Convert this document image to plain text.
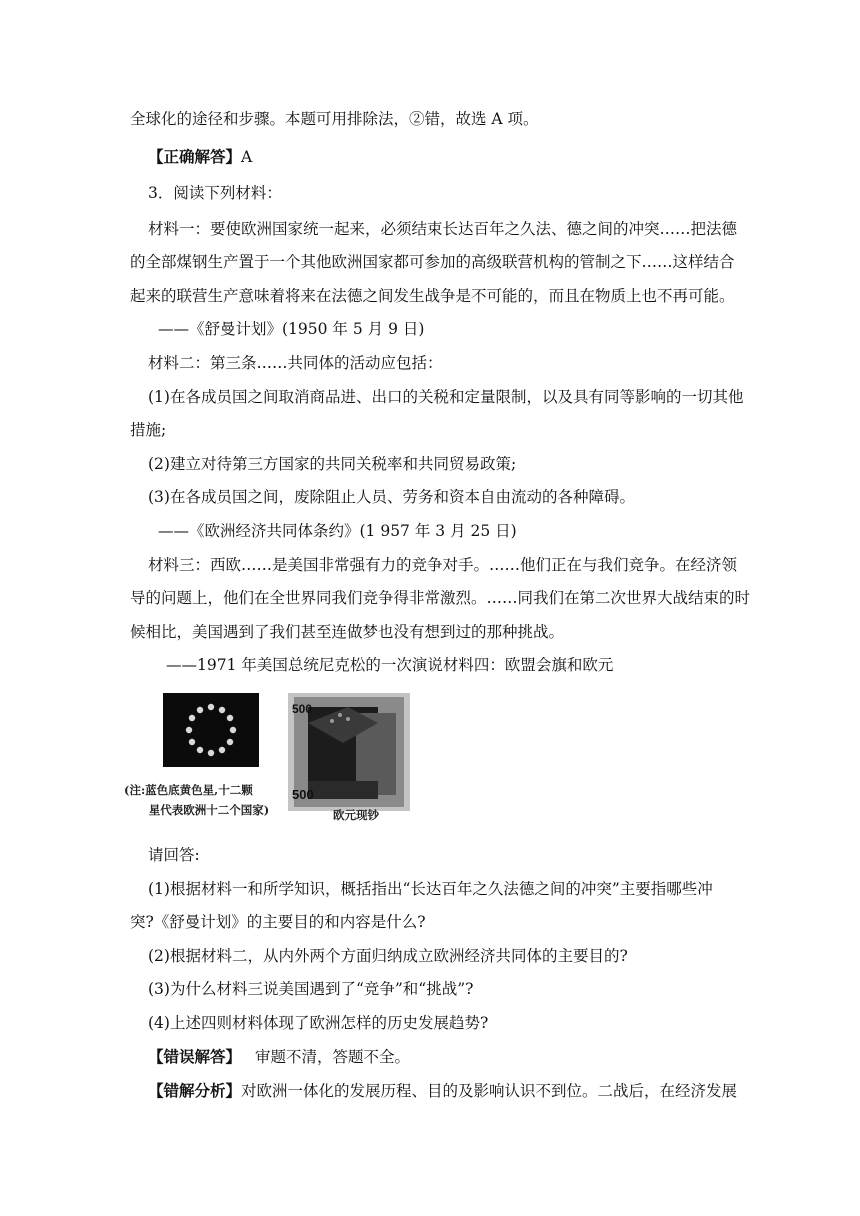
全球化的途径和步骤。本题可用排除法，②错，故选 A 项。
【正确解答】A
3．阅读下列材料：
材料一：要使欧洲国家统一起来，必须结束长达百年之久法、德之间的冲突……把法德
的全部煤钢生产置于一个其他欧洲国家都可参加的高级联营机构的管制之下……这样结合
起来的联营生产意味着将来在法德之间发生战争是不可能的，而且在物质上也不再可能。
——《舒曼计划》(1950 年 5 月 9 日)
材料二：第三条……共同体的活动应包括：
(1)在各成员国之间取消商品进、出口的关税和定量限制，以及具有同等影响的一切其他
措施;
(2)建立对待第三方国家的共同关税率和共同贸易政策;
(3)在各成员国之间，废除阻止人员、劳务和资本自由流动的各种障碍。
——《欧洲经济共同体条约》(1 957 年 3 月 25 日)
材料三：西欧……是美国非常强有力的竞争对手。……他们正在与我们竞争。在经济领
导的问题上，他们在全世界同我们竞争得非常激烈。……同我们在第二次世界大战结束的时
候相比，美国遇到了我们甚至连做梦也没有想到过的那种挑战。
——1971 年美国总统尼克松的一次演说材料四：欧盟会旗和欧元
(注:蓝色底黄色星,十二颗
星代表欧洲十二个国家)
500
500
欧元现钞
请回答:
(1)根据材料一和所学知识，概括指出“长达百年之久法德之间的冲突”主要指哪些冲
突?《舒曼计划》的主要目的和内容是什么?
(2)根据材料二，从内外两个方面归纳成立欧洲经济共同体的主要目的?
(3)为什么材料三说美国遇到了“竞争”和“挑战”?
(4)上述四则材料体现了欧洲怎样的历史发展趋势?
【错误解答】 审题不清，答题不全。
【错解分析】对欧洲一体化的发展历程、目的及影响认识不到位。二战后，在经济发展
